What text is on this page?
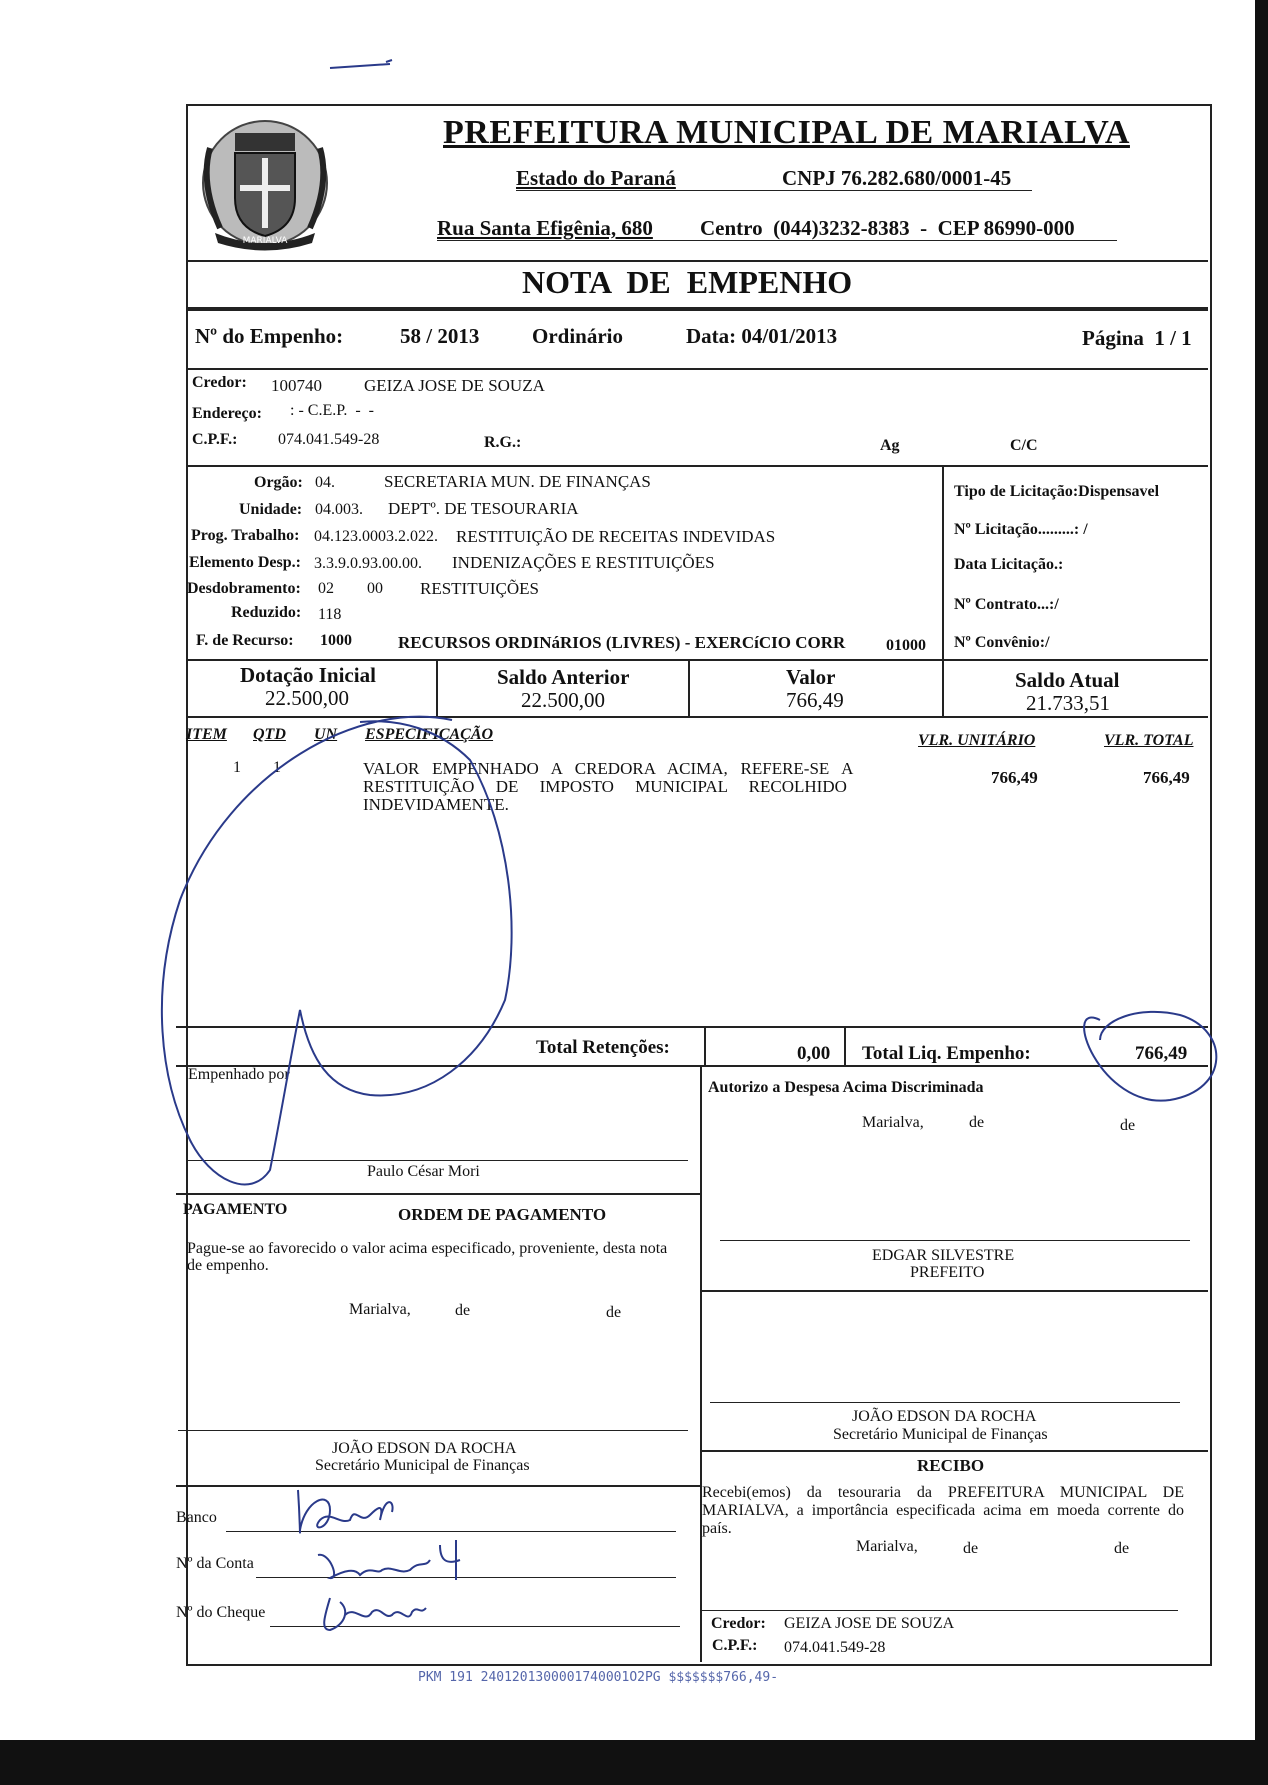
MARIALVA
PREFEITURA MUNICIPAL DE MARIALVA
Estado do Paraná	CNPJ 76.282.680/0001-45
Rua Santa Efigênia, 680 Centro  (044)3232-8383  -  CEP 86990-000
NOTA  DE  EMPENHO
Nº do Empenho:	58 / 2013	Ordinário	Data: 04/01/2013	Página  1 / 1
Credor: 100740 GEIZA JOSE DE SOUZA
Endereço: : - C.E.P.  -  -
C.P.F.:	074.041.549-28	R.G.:	Ag	C/C
Orgão: 04.	SECRETARIA MUN. DE FINANÇAS
Unidade: 04.003. DEPTº. DE TESOURARIA
Prog. Trabalho: 04.123.0003.2.022. RESTITUIÇÃO DE RECEITAS INDEVIDAS
Elemento Desp.: 3.3.9.0.93.00.00. INDENIZAÇÕES E RESTITUIÇÕES
Desdobramento: 02 00 RESTITUIÇÕES
Reduzido: 118
F. de Recurso: 1000	RECURSOS ORDINáRIOS (LIVRES) - EXERCíCIO CORR	01000
Tipo de Licitação:Dispensavel
Nº Licitação.........: /
Data Licitação.:
Nº Contrato...:/
Nº Convênio:/
Dotação Inicial
22.500,00
Saldo Anterior
22.500,00
Valor
766,49
Saldo Atual
21.733,51
ITEM QTD UN ESPECIFICAÇÃO	VLR. UNITÁRIO	VLR. TOTAL
1 1	VALOR   EMPENHADO   A   CREDORA   ACIMA,   REFERE-SE   A
RESTITUIÇÃO     DE     IMPOSTO     MUNICIPAL     RECOLHIDO
INDEVIDAMENTE.
766,49	766,49
Total Retenções:	0,00 Total Liq. Empenho:	766,49
Empenhado por
Paulo César Mori
Autorizo a Despesa Acima Discriminada
Marialva,	de	de
EDGAR SILVESTRE
PREFEITO
PAGAMENTO	ORDEM DE PAGAMENTO
Pague-se ao favorecido o valor acima especificado, proveniente, desta nota de empenho.
Marialva,	de	de
JOÃO EDSON DA ROCHA
Secretário Municipal de Finanças
JOÃO EDSON DA ROCHA
Secretário Municipal de Finanças
RECIBO
Recebi(emos) da tesouraria da PREFEITURA MUNICIPAL DE MARIALVA, a importância especificada acima em moeda corrente do país.
Marialva,	de	de
Credor: GEIZA JOSE DE SOUZA
C.P.F.: 074.041.549-28
Banco
Nº da Conta
Nº do Cheque
PKM 191 2401201300001740001O2PG $$$$$$$766,49-
